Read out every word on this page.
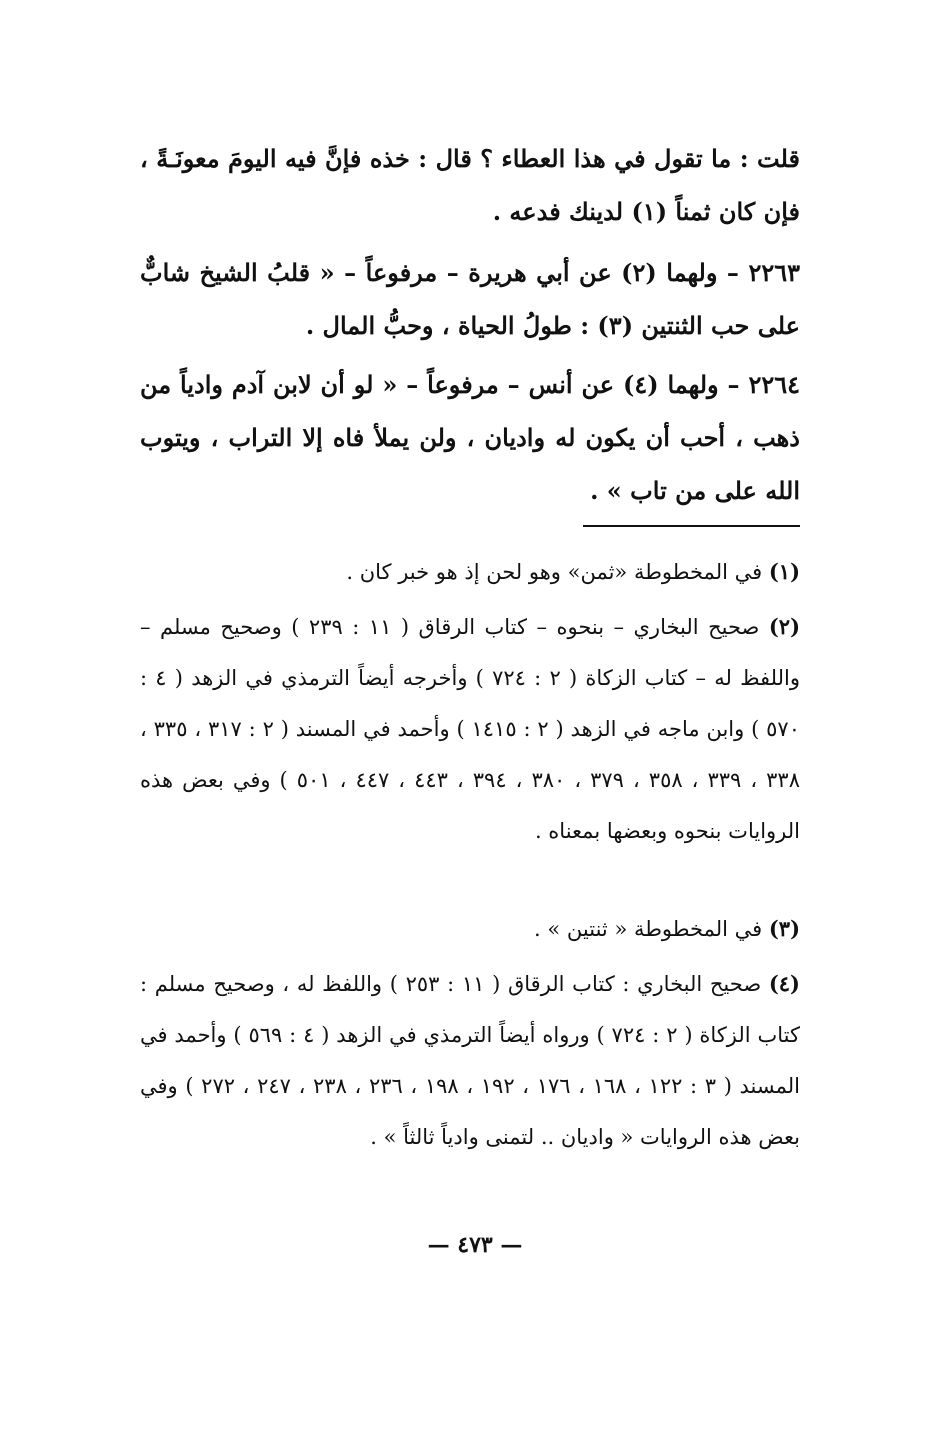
قلت : ما تقول في هذا العطاء ؟ قال : خذه فإنَّ فيه اليومَ معونَـةً ، فإن كان ثمناً (١) لدينك فدعه .

٢٢٦٣ – ولهما (٢) عن أبي هريرة – مرفوعاً – « قلبُ الشيخ شابٌّ على حب الثنتين (٣) : طولُ الحياة ، وحبُّ المال .

٢٢٦٤ – ولهما (٤) عن أنس – مرفوعاً – « لو أن لابن آدم وادياً من ذهب ، أحب أن يكون له واديان ، ولن يملأ فاه إلا التراب ، ويتوب الله على من تاب » .

(١) في المخطوطة «ثمن» وهو لحن إذ هو خبر كان .

(٢) صحيح البخاري – بنحوه – كتاب الرقاق ( ١١ : ٢٣٩ ) وصحيح مسلم – واللفظ له – كتاب الزكاة ( ٢ : ٧٢٤ ) وأخرجه أيضاً الترمذي في الزهد ( ٤ : ٥٧٠ ) وابن ماجه في الزهد ( ٢ : ١٤١٥ ) وأحمد في المسند ( ٢ : ٣١٧ ، ٣٣٥ ، ٣٣٨ ، ٣٣٩ ، ٣٥٨ ، ٣٧٩ ، ٣٨٠ ، ٣٩٤ ، ٤٤٣ ، ٤٤٧ ، ٥٠١ ) وفي بعض هذه الروايات بنحوه وبعضها بمعناه .

(٣) في المخطوطة « ثنتين » .

(٤) صحيح البخاري : كتاب الرقاق ( ١١ : ٢٥٣ ) واللفظ له ، وصحيح مسلم : كتاب الزكاة ( ٢ : ٧٢٤ ) ورواه أيضاً الترمذي في الزهد ( ٤ : ٥٦٩ ) وأحمد في المسند ( ٣ : ١٢٢ ، ١٦٨ ، ١٧٦ ، ١٩٢ ، ١٩٨ ، ٢٣٦ ، ٢٣٨ ، ٢٤٧ ، ٢٧٢ ) وفي بعض هذه الروايات « واديان .. لتمنى وادياً ثالثاً » .

— ٤٧٣ —
